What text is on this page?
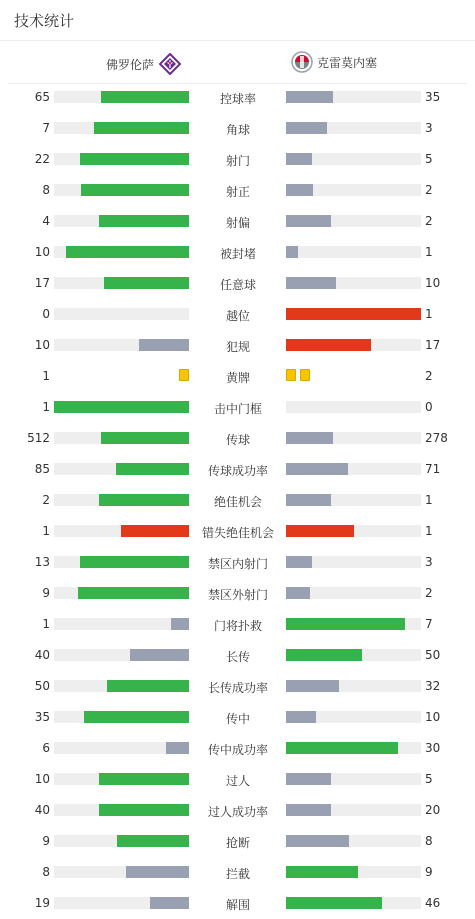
技术统计
佛罗伦萨	克雷莫内塞
65	控球率	35
7	角球	3
22	射门	5
8	射正	2
4	射偏	2
10	被封堵	1
17	任意球	10
0	越位	1
10	犯规	17
1	黄牌	2
1	击中门框	0
512	传球	278
85	传球成功率	71
2	绝佳机会	1
1	错失绝佳机会	1
13	禁区内射门	3
9	禁区外射门	2
1	门将扑救	7
40	长传	50
50	长传成功率	32
35	传中	10
6	传中成功率	30
10	过人	5
40	过人成功率	20
9	抢断	8
8	拦截	9
19	解围	46
